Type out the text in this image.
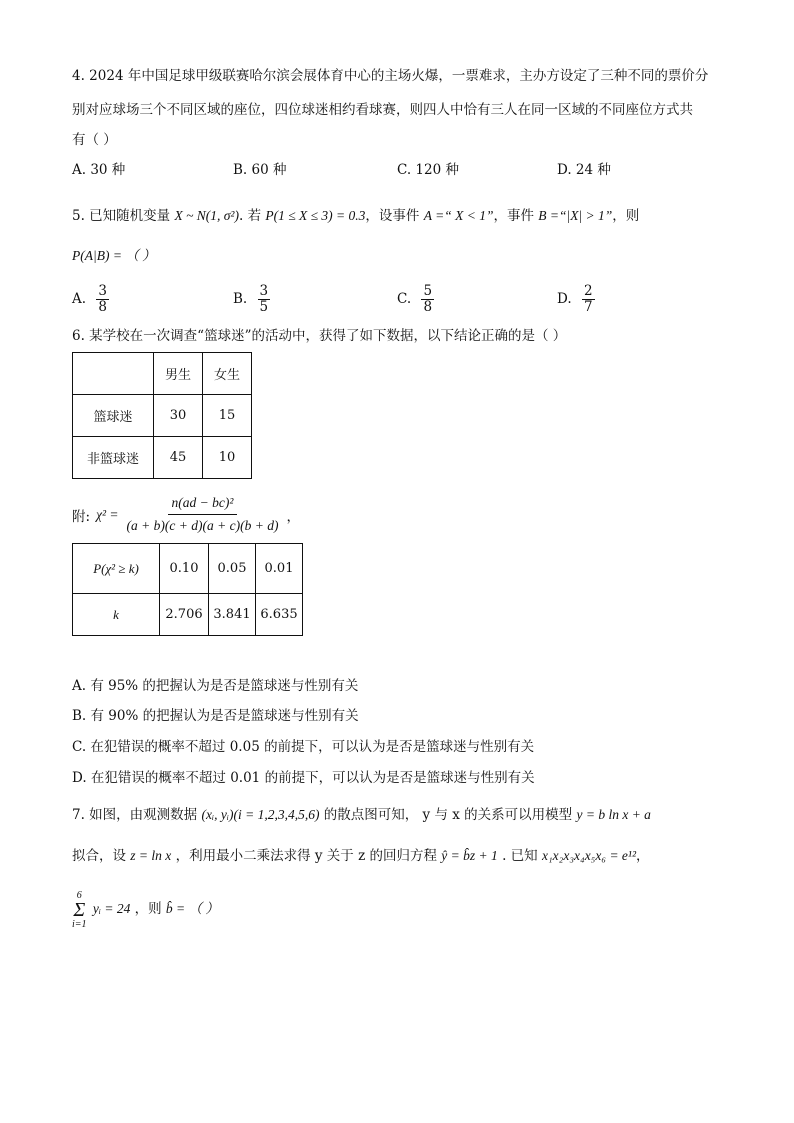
4. 2024 年中国足球甲级联赛哈尔滨会展体育中心的主场火爆，一票难求，主办方设定了三种不同的票价分
别对应球场三个不同区域的座位，四位球迷相约看球赛，则四人中恰有三人在同一区域的不同座位方式共
有（ ）
A. 30 种	B. 60 种	C. 120 种	D. 24 种
5. 已知随机变量 X ~ N(1, σ²). 若 P(1 ≤ X ≤ 3) = 0.3，设事件 A =“ X < 1”，事件 B =“|X| > 1”，则
P(A|B) = （ ）
A. $\frac{3}{8}$	B. $\frac{3}{5}$	C. $\frac{5}{8}$	D. $\frac{2}{7}$
6. 某学校在一次调查“篮球迷”的活动中，获得了如下数据，以下结论正确的是（ ）
	男生	女生
篮球迷	30	15
非篮球迷	45	10
附: $\chi^2 = \frac{\text{n(ad − bc)²}}{(a + b)(c + d)(a + c)(b + d)}$ ，
P(χ² ≥ k)	0.10	0.05	0.01
k	2.706	3.841	6.635
A. 有 95% 的把握认为是否是篮球迷与性别有关
B. 有 90% 的把握认为是否是篮球迷与性别有关
C. 在犯错误的概率不超过 0.05 的前提下，可以认为是否是篮球迷与性别有关
D. 在犯错误的概率不超过 0.01 的前提下，可以认为是否是篮球迷与性别有关
7. 如图，由观测数据 (xᵢ, yᵢ)(i = 1,2,3,4,5,6) 的散点图可知， y 与 x 的关系可以用模型 y = b ln x + a
拟合，设 z = ln x ，利用最小二乘法求得 y 关于 z 的回归方程 ŷ = b̂z + 1 . 已知 x₁x₂x₃x₄x₅x₆ = e¹²，
6
Σ
i=1
yᵢ = 24 ，则 b̂ = （ ）
